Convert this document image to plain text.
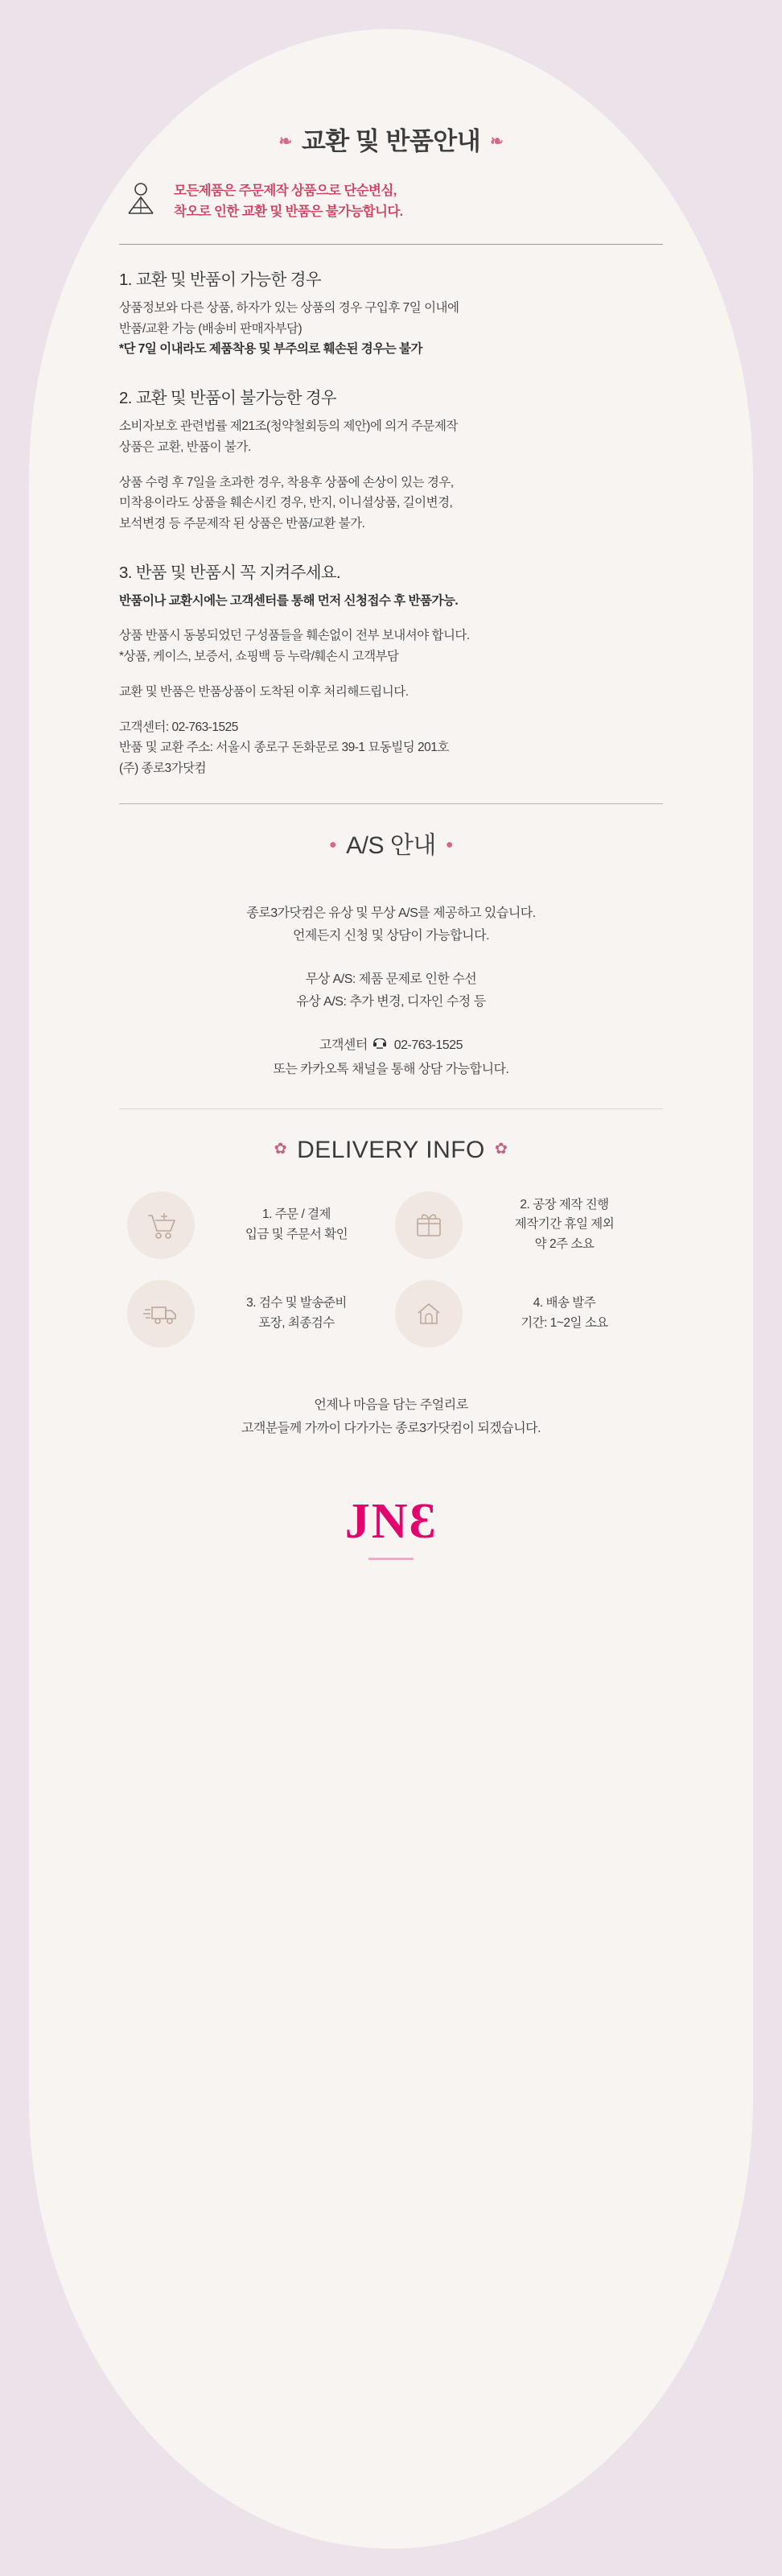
❧ 교환 및 반품안내 ❧
모든제품은 주문제작 상품으로 단순변심,
착오로 인한 교환 및 반품은 불가능합니다.
1. 교환 및 반품이 가능한 경우

상품정보와 다른 상품, 하자가 있는 상품의 경우 구입후 7일 이내에

반품/교환 가능 (배송비 판매자부담)

*단 7일 이내라도 제품착용 및 부주의로 훼손된 경우는 불가

2. 교환 및 반품이 불가능한 경우

소비자보호 관련법률 제21조(청약철회등의 제안)에 의거 주문제작

상품은 교환, 반품이 불가.

상품 수령 후 7일을 초과한 경우, 착용후 상품에 손상이 있는 경우,

미착용이라도 상품을 훼손시킨 경우, 반지, 이니셜상품, 길이변경,

보석변경 등 주문제작 된 상품은 반품/교환 불가.

3. 반품 및 반품시 꼭 지켜주세요.

반품이나 교환시에는 고객센터를 통해 먼저 신청접수 후 반품가능.

상품 반품시 동봉되었던 구성품들을 훼손없이 전부 보내셔야 합니다.

*상품, 케이스, 보증서, 쇼핑백 등 누락/훼손시 고객부담

교환 및 반품은 반품상품이 도착된 이후 처리해드립니다.

고객센터: 02-763-1525

반품 및 교환 주소: 서울시 종로구 돈화문로 39-1 묘동빌딩 201호

(주) 종로3가닷컴

● A/S 안내 ●
종로3가닷컴은 유상 및 무상 A/S를 제공하고 있습니다.
언제든지 신청 및 상담이 가능합니다.
무상 A/S: 제품 문제로 인한 수선
유상 A/S: 추가 변경, 디자인 수정 등
고객센터 02-763-1525
또는 카카오톡 채널을 통해 상담 가능합니다.
✿ DELIVERY INFO ✿
1. 주문 / 결제
입금 및 주문서 확인
2. 공장 제작 진행
제작기간 휴일 제외
약 2주 소요
3. 검수 및 발송준비
포장, 최종검수
4. 배송 발주
기간: 1~2일 소요
언제나 마음을 담는 주얼리로
고객분들께 가까이 다가가는 종로3가닷컴이 되겠습니다.
JNƐ
